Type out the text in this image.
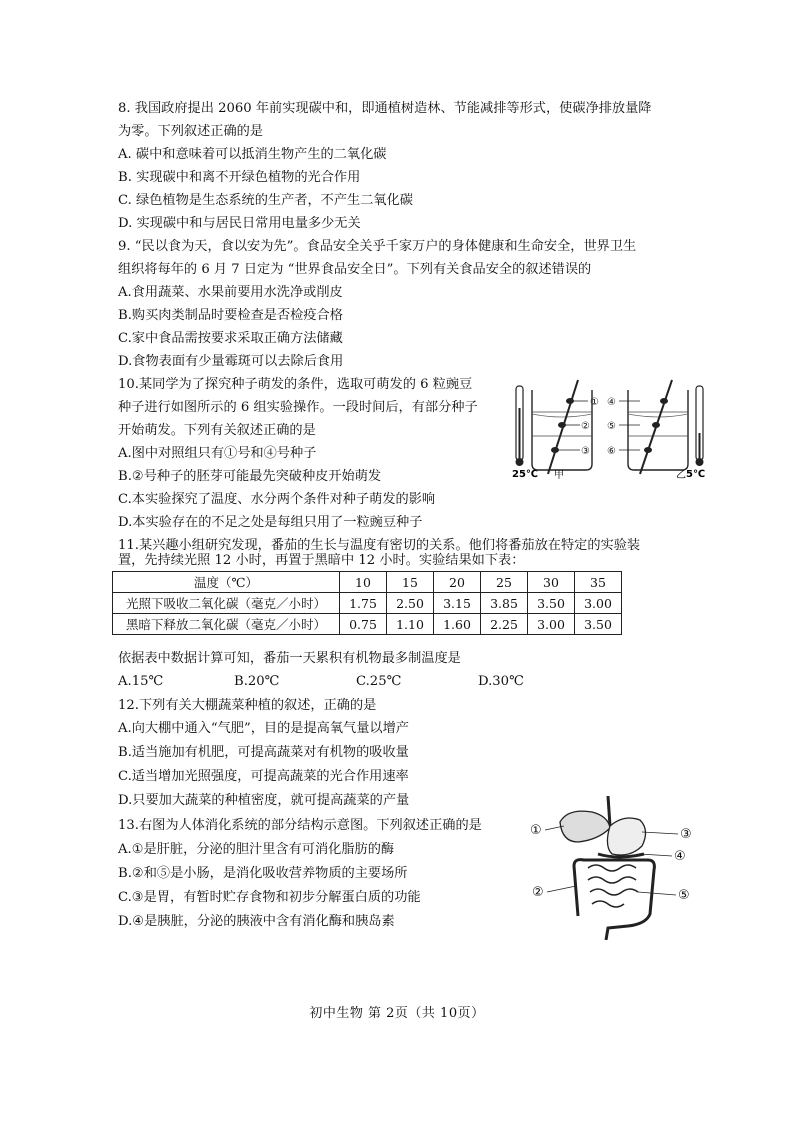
8. 我国政府提出 2060 年前实现碳中和，即通植树造林、节能减排等形式，使碳净排放量降
为零。下列叙述正确的是
A. 碳中和意味着可以抵消生物产生的二氧化碳
B. 实现碳中和离不开绿色植物的光合作用
C. 绿色植物是生态系统的生产者，不产生二氧化碳
D. 实现碳中和与居民日常用电量多少无关
9. “民以食为天，食以安为先”。食品安全关乎千家万户的身体健康和生命安全，世界卫生
组织将每年的 6 月 7 日定为 “世界食品安全日”。下列有关食品安全的叙述错误的
A.食用蔬菜、水果前要用水洗净或削皮
B.购买肉类制品时要检查是否检疫合格
C.家中食品需按要求采取正确方法储藏
D.食物表面有少量霉斑可以去除后食用
10.某同学为了探究种子萌发的条件，选取可萌发的 6 粒豌豆
种子进行如图所示的 6 组实验操作。一段时间后，有部分种子
开始萌发。下列有关叙述正确的是
A.图中对照组只有①号和④号种子
B.②号种子的胚芽可能最先突破种皮开始萌发
C.本实验探究了温度、水分两个条件对种子萌发的影响
D.本实验存在的不足之处是每组只用了一粒豌豆种子
25℃ 甲
①
②
③
④
⑤
⑥
乙 5℃
11.某兴趣小组研究发现，番茄的生长与温度有密切的关系。他们将番茄放在特定的实验装
置，先持续光照 12 小时，再置于黑暗中 12 小时。实验结果如下表：
温度（℃）	10	15	20	25	30	35
光照下吸收二氧化碳（毫克／小时）	1.75	2.50	3.15	3.85	3.50	3.00
黑暗下释放二氧化碳（毫克／小时）	0.75	1.10	1.60	2.25	3.00	3.50
依据表中数据计算可知，番茄一天累积有机物最多制温度是
A.15℃	B.20℃	C.25℃	D.30℃
12.下列有关大棚蔬菜种植的叙述，正确的是
A.向大棚中通入“气肥”，目的是提高氧气量以增产
B.适当施加有机肥，可提高蔬菜对有机物的吸收量
C.适当增加光照强度，可提高蔬菜的光合作用速率
D.只要加大蔬菜的种植密度，就可提高蔬菜的产量
13.右图为人体消化系统的部分结构示意图。下列叙述正确的是
A.①是肝脏，分泌的胆汁里含有可消化脂肪的酶
B.②和⑤是小肠，是消化吸收营养物质的主要场所
C.③是胃，有暂时贮存食物和初步分解蛋白质的功能
D.④是胰脏，分泌的胰液中含有消化酶和胰岛素
①
②
③
④
⑤
初中生物 第 2页（共 10页）
